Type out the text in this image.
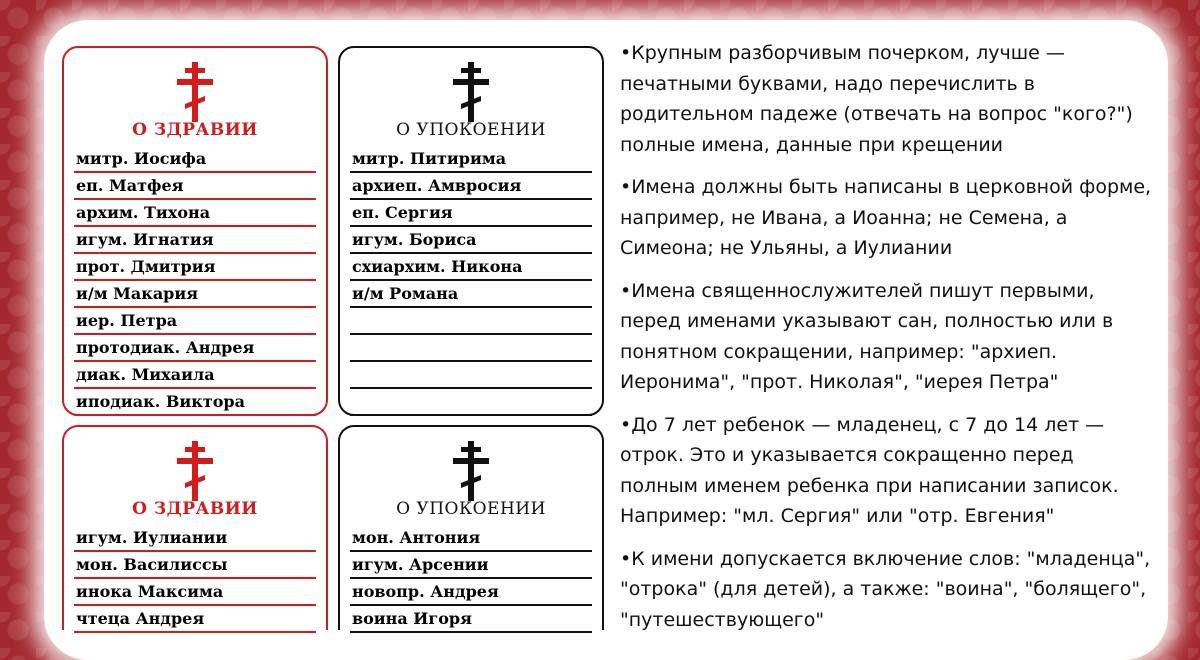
О ЗДРАВИИ
митр. Иосифа
еп. Матфея
архим. Тихона
игум. Игнатия
прот. Дмитрия
и/м Макария
иер. Петра
протодиак. Андрея
диак. Михаила
иподиак. Виктора
О УПОКОЕНИИ
митр. Питирима
архиеп. Амвросия
еп. Сергия
игум. Бориса
схиархим. Никона
и/м Романа
О ЗДРАВИИ
игум. Иулиании
мон. Василиссы
инока Максима
чтеца Андрея
О УПОКОЕНИИ
мон. Антония
игум. Арсении
новопр. Андрея
воина Игоря

•Крупным разборчивым почерком, лучше — печатными буквами, надо перечислить в родительном падеже (отвечать на вопрос "кого?") полные имена, данные при крещении

•Имена должны быть написаны в церковной форме, например, не Ивана, а Иоанна; не Семена, а Симеона; не Ульяны, а Иулиании

•Имена священнослужителей пишут первыми, перед именами указывают сан, полностью или в понятном сокращении, например: "архиеп. Иеронима", "прот. Николая", "иерея Петра"

•До 7 лет ребенок — младенец, с 7 до 14 лет — отрок. Это и указывается сокращенно перед полным именем ребенка при написании записок. Например: "мл. Сергия" или "отр. Евгения"

•К имени допускается включение слов: "младенца", "отрока" (для детей), а также: "воина", "болящего", "путешествующего"
